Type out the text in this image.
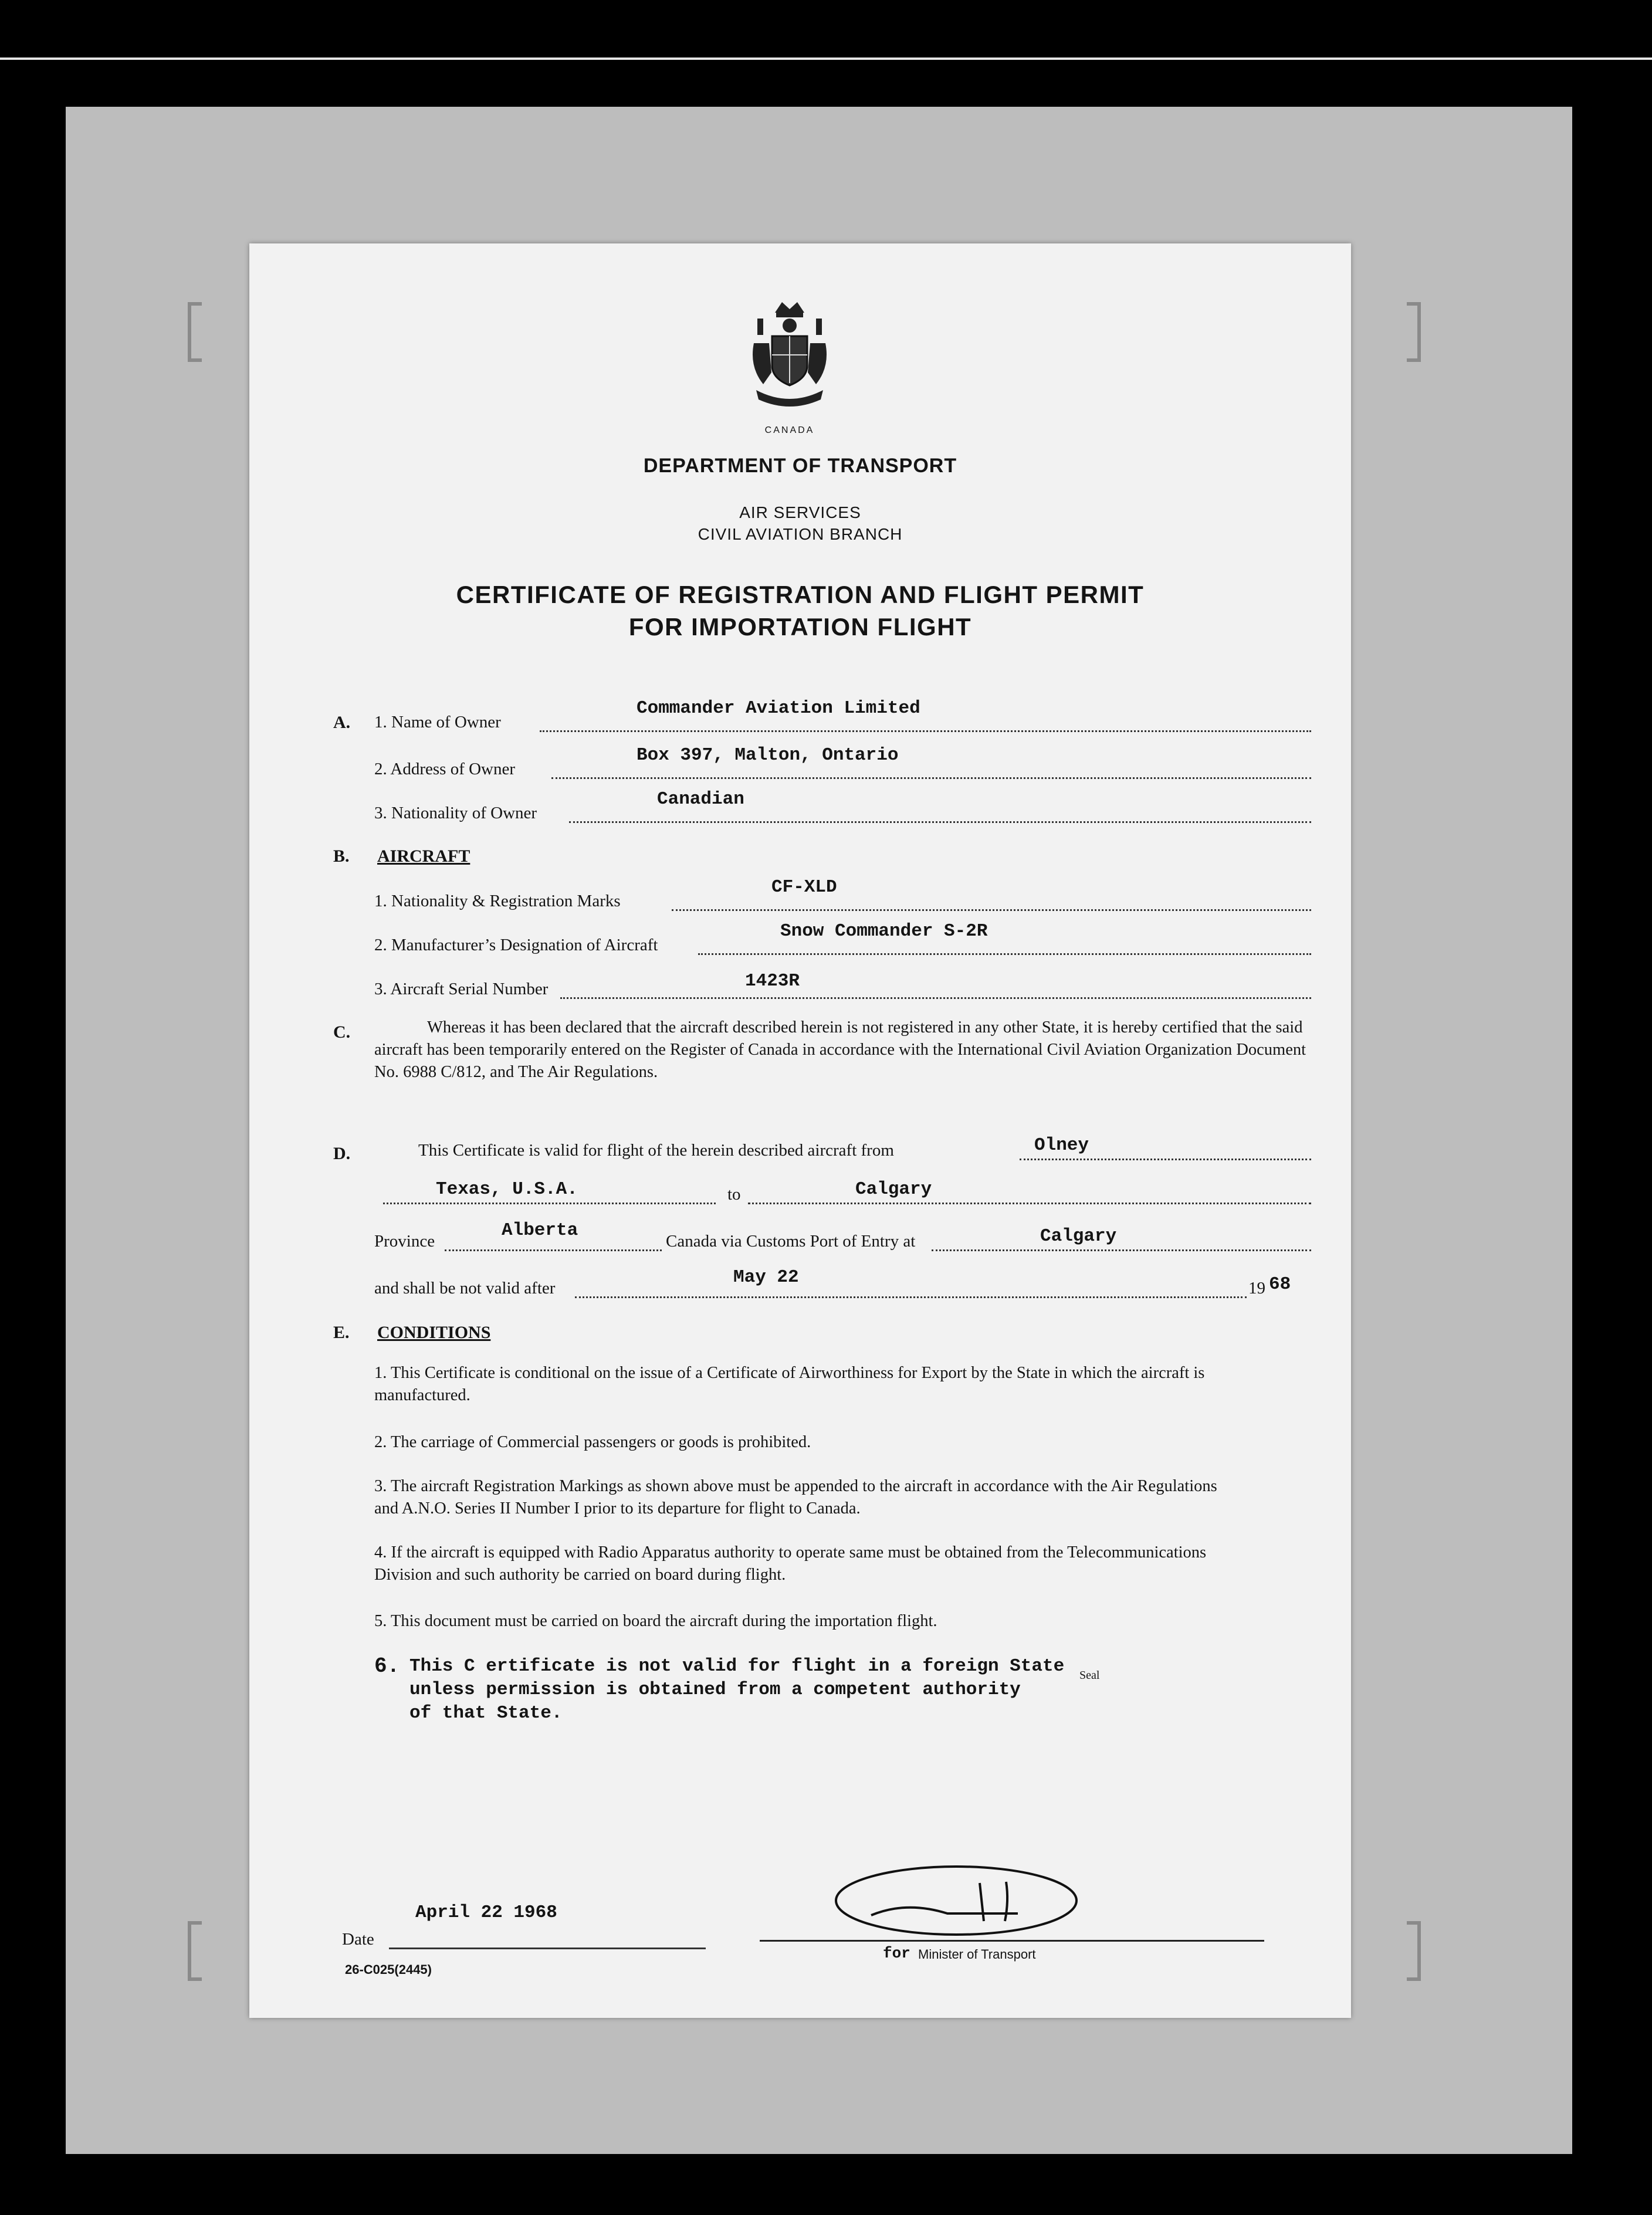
CANADA
DEPARTMENT OF TRANSPORT
AIR SERVICES
CIVIL AVIATION BRANCH
CERTIFICATE OF REGISTRATION AND FLIGHT PERMIT
FOR IMPORTATION FLIGHT
A. 1. Name of Owner
Commander Aviation Limited
2. Address of Owner
Box 397, Malton, Ontario
3. Nationality of Owner
Canadian
B. AIRCRAFT
1. Nationality & Registration Marks
CF-XLD
2. Manufacturer’s Designation of Aircraft
Snow Commander S-2R
3. Aircraft Serial Number	1423R
C.	Whereas it has been declared that the aircraft described herein is not registered in any other State, it is hereby certified that the said aircraft has been temporarily entered on the Register of Canada in accordance with the International Civil Aviation Organization Document No. 6988 C/812, and The Air Regulations.
D.	This Certificate is valid for flight of the herein described aircraft from	Olney
Texas, U.S.A.	to	Calgary
Province
Alberta
Canada via Customs Port of Entry at	Calgary
and shall be not valid after
May 22
19 68
E. CONDITIONS
1. This Certificate is conditional on the issue of a Certificate of Airworthiness for Export by the State in which the aircraft is manufactured.
2. The carriage of Commercial passengers or goods is prohibited.
3. The aircraft Registration Markings as shown above must be appended to the aircraft in accordance with the Air Regulations and A.N.O. Series II Number I prior to its departure for flight to Canada.
4. If the aircraft is equipped with Radio Apparatus authority to operate same must be obtained from the Telecommunications Division and such authority be carried on board during flight.
5. This document must be carried on board the aircraft during the importation flight.
6. This C ertificate is not valid for flight in a foreign State
unless permission is obtained from a competent authority
of that State.
Seal
April 22 1968
Date
26-C025(2445)
for Minister of Transport
